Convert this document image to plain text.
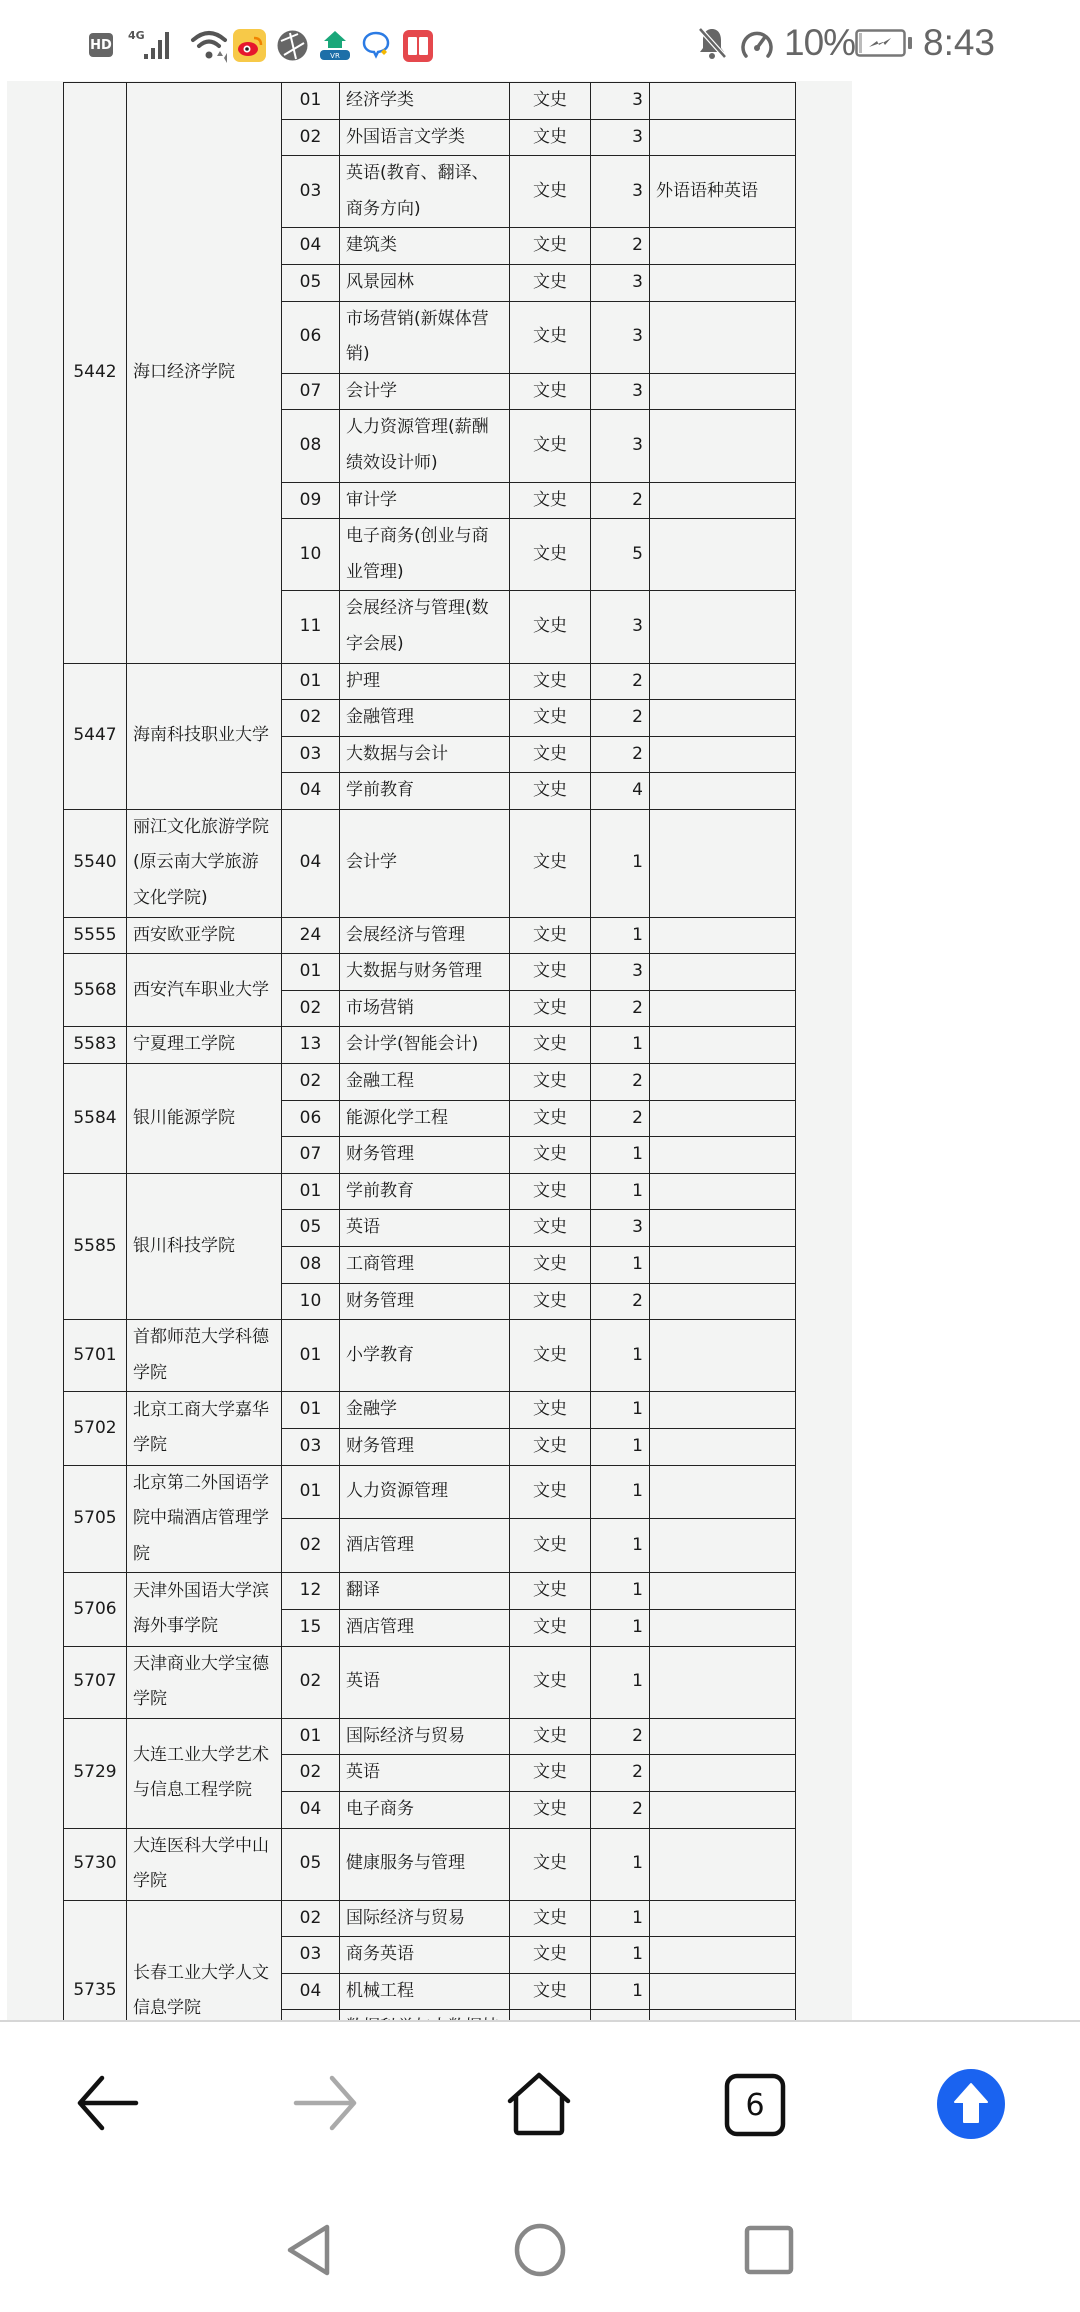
HD
4G
VR	10% 8:43
5442	海口经济学院	01	经济学类	文史	3	
		02	外国语言文学类	文史	3	
		03	英语(教育、翻译、商务方向)	文史	3	外语语种英语
		04	建筑类	文史	2	
		05	风景园林	文史	3	
		06	市场营销(新媒体营销)	文史	3	
		07	会计学	文史	3	
		08	人力资源管理(薪酬绩效设计师)	文史	3	
		09	审计学	文史	2	
		10	电子商务(创业与商业管理)	文史	5	
		11	会展经济与管理(数字会展)	文史	3	
5447	海南科技职业大学	01	护理	文史	2	
		02	金融管理	文史	2	
		03	大数据与会计	文史	2	
		04	学前教育	文史	4	
5540	丽江文化旅游学院(原云南大学旅游文化学院)	04	会计学	文史	1	
5555	西安欧亚学院	24	会展经济与管理	文史	1	
5568	西安汽车职业大学	01	大数据与财务管理	文史	3	
		02	市场营销	文史	2	
5583	宁夏理工学院	13	会计学(智能会计)	文史	1	
5584	银川能源学院	02	金融工程	文史	2	
		06	能源化学工程	文史	2	
		07	财务管理	文史	1	
5585	银川科技学院	01	学前教育	文史	1	
		05	英语	文史	3	
		08	工商管理	文史	1	
		10	财务管理	文史	2	
5701	首都师范大学科德学院	01	小学教育	文史	1	
5702	北京工商大学嘉华学院	01	金融学	文史	1	
		03	财务管理	文史	1	
5705	北京第二外国语学院中瑞酒店管理学院	01	人力资源管理	文史	1	
		02	酒店管理	文史	1	
5706	天津外国语大学滨海外事学院	12	翻译	文史	1	
		15	酒店管理	文史	1	
5707	天津商业大学宝德学院	02	英语	文史	1	
5729	大连工业大学艺术与信息工程学院	01	国际经济与贸易	文史	2	
		02	英语	文史	2	
		04	电子商务	文史	2	
5730	大连医科大学中山学院	05	健康服务与管理	文史	1	
5735	长春工业大学人文信息学院	02	国际经济与贸易	文史	1	
		03	商务英语	文史	1	
		04	机械工程	文史	1	

6
